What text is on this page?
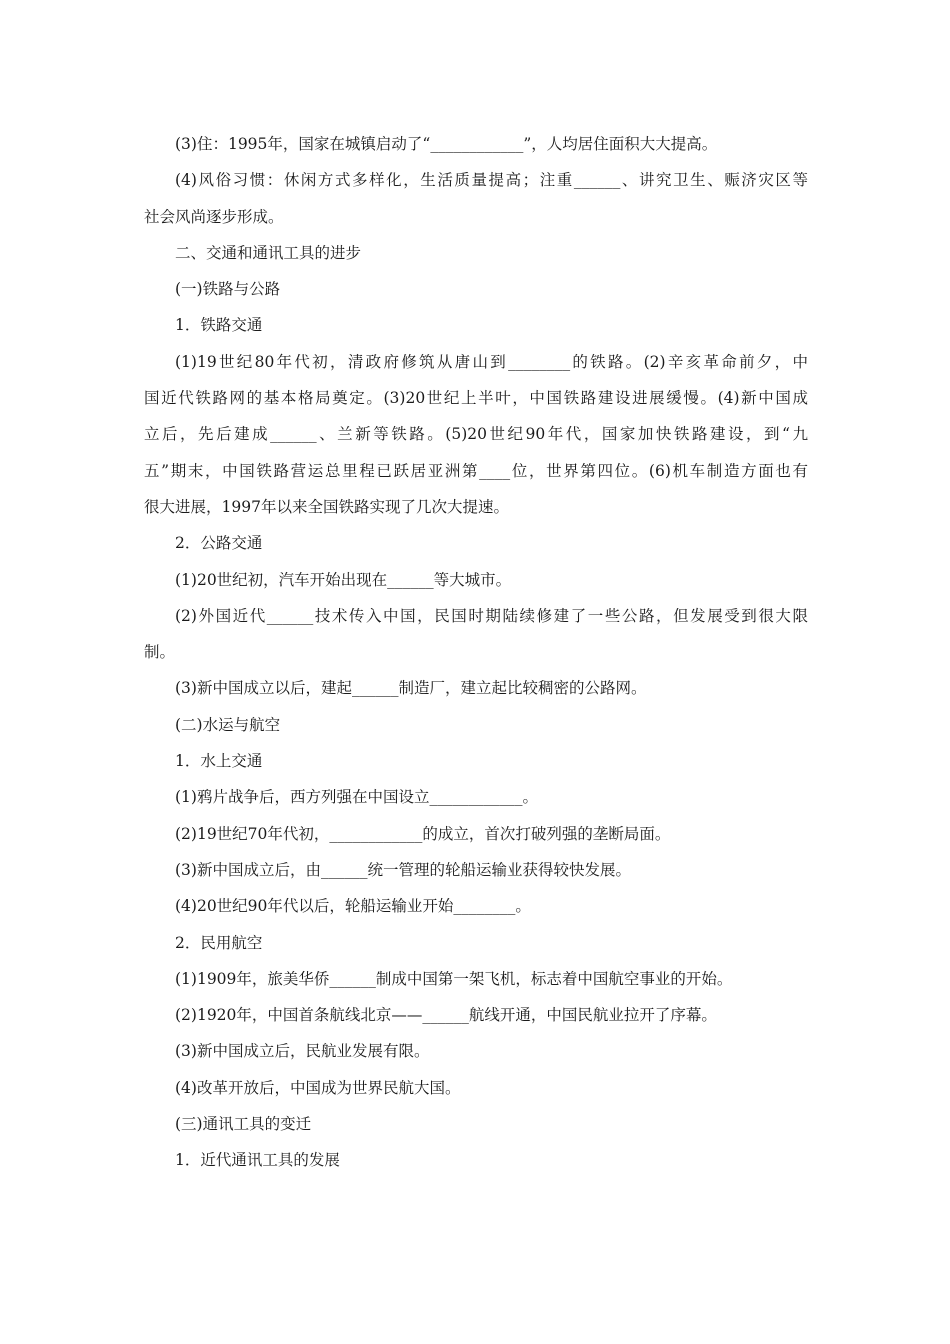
(3)住：1995年，国家在城镇启动了“____________”，人均居住面积大大提高。
(4)风俗习惯：休闲方式多样化，生活质量提高；注重______、讲究卫生、赈济灾区等
社会风尚逐步形成。
二、交通和通讯工具的进步
(一)铁路与公路
1．铁路交通
(1)19世纪80年代初，清政府修筑从唐山到________的铁路。(2)辛亥革命前夕，中
国近代铁路网的基本格局奠定。(3)20世纪上半叶，中国铁路建设进展缓慢。(4)新中国成
立后，先后建成______、兰新等铁路。(5)20世纪90年代，国家加快铁路建设，到“九
五”期末，中国铁路营运总里程已跃居亚洲第____位，世界第四位。(6)机车制造方面也有
很大进展，1997年以来全国铁路实现了几次大提速。
2．公路交通
(1)20世纪初，汽车开始出现在______等大城市。
(2)外国近代______技术传入中国，民国时期陆续修建了一些公路，但发展受到很大限
制。
(3)新中国成立以后，建起______制造厂，建立起比较稠密的公路网。
(二)水运与航空
1．水上交通
(1)鸦片战争后，西方列强在中国设立____________。
(2)19世纪70年代初，____________的成立，首次打破列强的垄断局面。
(3)新中国成立后，由______统一管理的轮船运输业获得较快发展。
(4)20世纪90年代以后，轮船运输业开始________。
2．民用航空
(1)1909年，旅美华侨______制成中国第一架飞机，标志着中国航空事业的开始。
(2)1920年，中国首条航线北京——______航线开通，中国民航业拉开了序幕。
(3)新中国成立后，民航业发展有限。
(4)改革开放后，中国成为世界民航大国。
(三)通讯工具的变迁
1．近代通讯工具的发展
